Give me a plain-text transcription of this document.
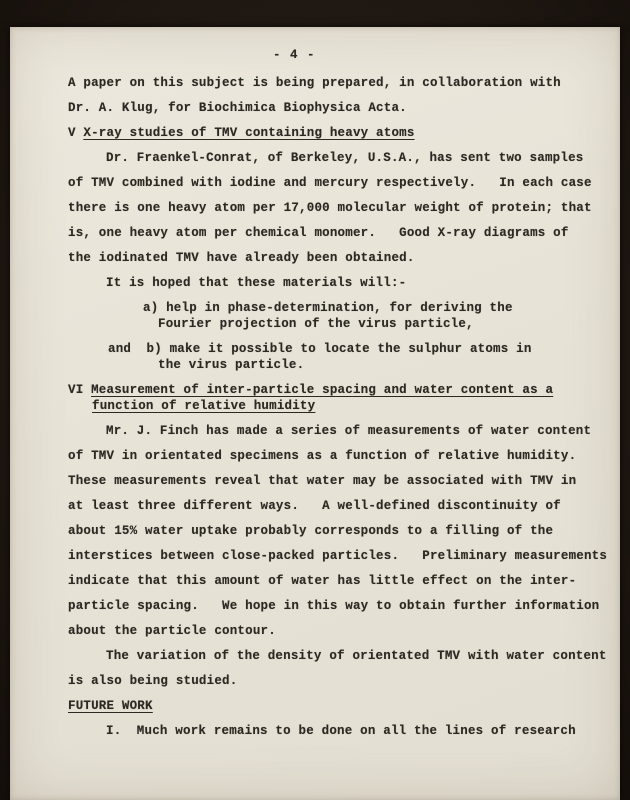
- 4 -
A paper on this subject is being prepared, in collaboration with
Dr. A. Klug, for Biochimica Biophysica Acta.
V X-ray studies of TMV containing heavy atoms
Dr. Fraenkel-Conrat, of Berkeley, U.S.A., has sent two samples
of TMV combined with iodine and mercury respectively.   In each case
there is one heavy atom per 17,000 molecular weight of protein; that
is, one heavy atom per chemical monomer.   Good X-ray diagrams of
the iodinated TMV have already been obtained.
It is hoped that these materials will:-
a) help in phase-determination, for deriving the
Fourier projection of the virus particle,
and  b) make it possible to locate the sulphur atoms in
the virus particle.
VI Measurement of inter-particle spacing and water content as a
function of relative humidity
Mr. J. Finch has made a series of measurements of water content
of TMV in orientated specimens as a function of relative humidity.
These measurements reveal that water may be associated with TMV in
at least three different ways.   A well-defined discontinuity of
about 15% water uptake probably corresponds to a filling of the
interstices between close-packed particles.   Preliminary measurements
indicate that this amount of water has little effect on the inter-
particle spacing.   We hope in this way to obtain further information
about the particle contour.
The variation of the density of orientated TMV with water content
is also being studied.
FUTURE WORK
I.  Much work remains to be done on all the lines of research
